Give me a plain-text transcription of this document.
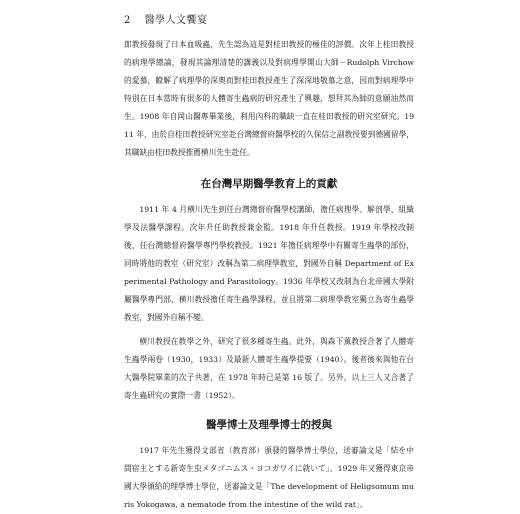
2 醫學人文饗宴

郎教授發現了日本血吸蟲，先生認為這是對桂田教授的極佳的評價。次年上桂田教授的病理學總論，發現其論理清楚的講義以及對病理學開山大師－Rudolph Virchow 的愛慕，瞭解了病理學的深奧而對桂田教授產生了深深地敬慕之意，因而對病理學中特別在日本當時有很多的人體寄生蟲病的研究產生了興趣，想拜其為師的意願油然而生。1908 年自岡山醫專畢業後，利用內科的職缺一直在桂田教授的研究室研究。1911 年，由於自桂田教授研究室赴台灣總督府醫學校的久保信之副教授要到德國留學，其職缺由桂田教授推薦横川先生赴任。

在台灣早期醫學教育上的貢獻

1911 年 4 月横川先生到任台灣總督府醫學校講師，擔任病理學、解剖學、組織學及法醫學課程。次年升任助教授兼金監。1918 年升任教授。1919 年學校改制後，任台灣總督府醫學專門學校教授。1921 年擔任病理學中有關寄生蟲學的部份，同時將他的教室（研究室）改稱為第二病理學教室，對國外自稱 Department of Experimental Pathology and Parasitology。1936 年學校又改制為台北帝國大學附屬醫學專門部，横川教授擔任寄生蟲學課程，並且將第二病理學教室獨立為寄生蟲學教室，對國外自稱不變。

横川教授在教學之外，研究了很多種寄生蟲。此外，與森下薰教授合著了人體寄生蟲學兩卷（1930，1933）及最新人體寄生蟲學提要（1940）。後者後來與他在台大醫學院畢業的次子共著，在 1978 年時已是第 16 版了。另外，以上三人又合著了寄生蟲研究の實際一書（1952）。

醫學博士及理學博士的授與

1917 年先生獲得文部省（教育部）頒發的醫學博士學位，送審論文是「結を中間宿主とする新寄生虫メタゴニムス・ヨコガワイに就いて」。1929 年又獲得東京帝國大學頒給的理學博士學位，送審論文是「The development of Heligsomum muris Yokogawa, a nematode from the intestine of the wild rat」。
